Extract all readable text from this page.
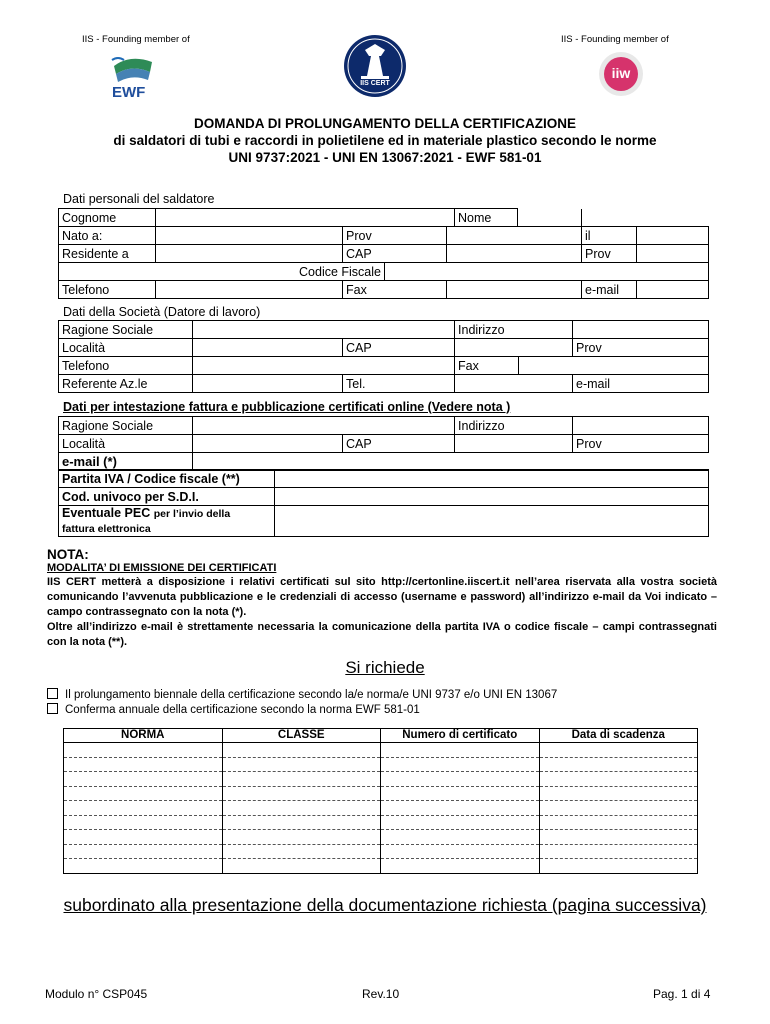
IIS - Founding member of	IIS - Founding member of
EWF
IIS CERT
iiw
DOMANDA DI PROLUNGAMENTO DELLA CERTIFICAZIONE
di saldatori di tubi e raccordi in polietilene ed in materiale plastico secondo le norme
UNI 9737:2021 - UNI EN 13067:2021 - EWF 581-01
Dati personali del saldatore
Cognome					Nome			
Nato a:		Prov					il	
Residente a		CAP					Prov	
Codice Fiscale								
Telefono		Fax					e-mail	
Dati della Società (Datore di lavoro)
Ragione Sociale			Indirizzo		
Località		CAP			Prov
Telefono			Fax		
Referente Az.le		Tel.			e-mail
Dati per intestazione fattura e pubblicazione certificati online (Vedere nota )
Ragione Sociale			Indirizzo	
Località		CAP		Prov
e-mail (*)				
Partita IVA / Codice fiscale (**)	
Cod. univoco per S.D.I.	
Eventuale PEC per l’invio della
fattura elettronica	
NOTA:
MODALITA’ DI EMISSIONE DEI CERTIFICATI
IIS CERT metterà a disposizione i relativi certificati sul sito http://certonline.iiscert.it nell’area riservata alla vostra società comunicando l’avvenuta pubblicazione e le credenziali di accesso (username e password) all’indirizzo e-mail da Voi indicato – campo contrassegnato con la nota (*).
Oltre all’indirizzo e-mail è strettamente necessaria la comunicazione della partita IVA o codice fiscale – campi contrassegnati con la nota (**).
Si richiede
Il prolungamento biennale della certificazione secondo la/e norma/e UNI 9737 e/o UNI EN 13067
Conferma annuale della certificazione secondo la norma EWF 581-01
NORMA	CLASSE	Numero di certificato	Data di scadenza

subordinato alla presentazione della documentazione richiesta (pagina successiva)
Modulo n° CSP045	Rev.10	Pag. 1 di 4
